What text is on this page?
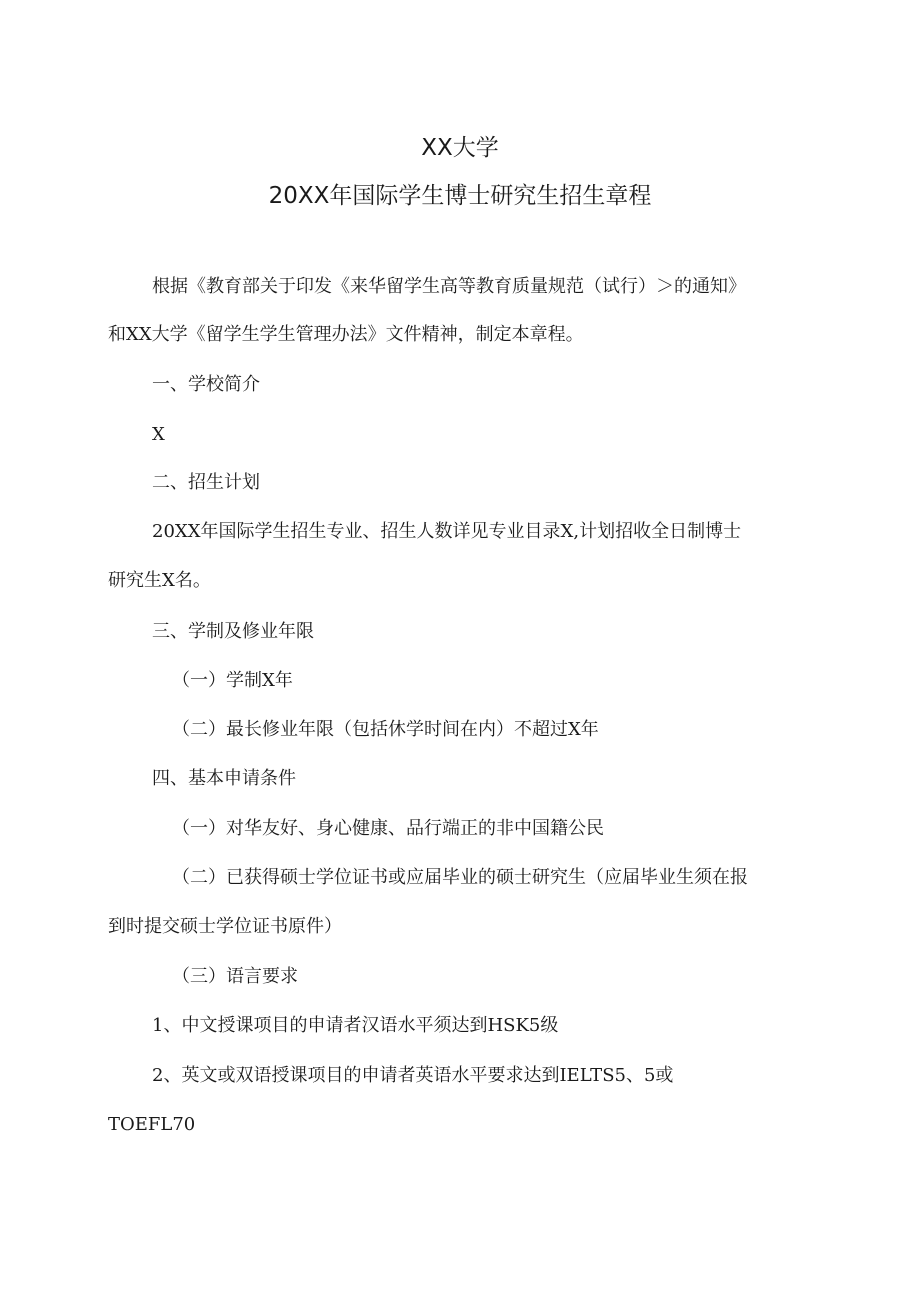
XX大学
20XX年国际学生博士研究生招生章程

根据《教育部关于印发《来华留学生高等教育质量规范（试行）＞的通知》

和XX大学《留学生学生管理办法》文件精神，制定本章程。

一、学校简介

X

二、招生计划

20XX年国际学生招生专业、招生人数详见专业目录X,计划招收全日制博士

研究生X名。

三、学制及修业年限

（一）学制X年

（二）最长修业年限（包括休学时间在内）不超过X年

四、基本申请条件

（一）对华友好、身心健康、品行端正的非中国籍公民

（二）已获得硕士学位证书或应届毕业的硕士研究生（应届毕业生须在报

到时提交硕士学位证书原件）

（三）语言要求

1、中文授课项目的申请者汉语水平须达到HSK5级

2、英文或双语授课项目的申请者英语水平要求达到IELTS5、5或

TOEFL70
